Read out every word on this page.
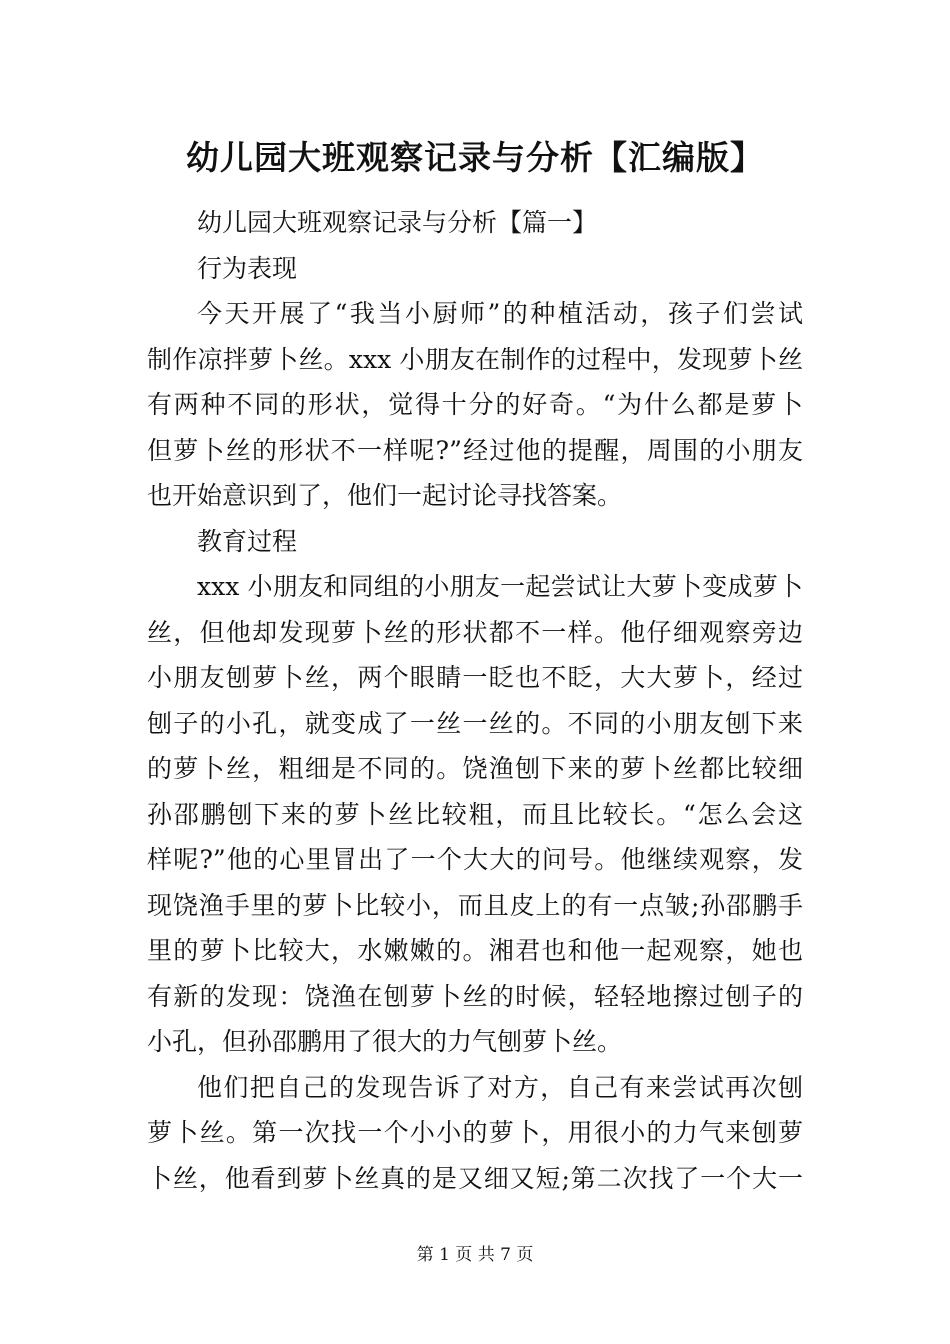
幼儿园大班观察记录与分析【汇编版】
幼儿园大班观察记录与分析【篇一】
行为表现
今天开展了“我当小厨师”的种植活动，孩子们尝试
制作凉拌萝卜丝。xxx 小朋友在制作的过程中，发现萝卜丝
有两种不同的形状，觉得十分的好奇。“为什么都是萝卜
但萝卜丝的形状不一样呢?”经过他的提醒，周围的小朋友
也开始意识到了，他们一起讨论寻找答案。
教育过程
xxx 小朋友和同组的小朋友一起尝试让大萝卜变成萝卜
丝，但他却发现萝卜丝的形状都不一样。他仔细观察旁边
小朋友刨萝卜丝，两个眼睛一眨也不眨，大大萝卜，经过
刨子的小孔，就变成了一丝一丝的。不同的小朋友刨下来
的萝卜丝，粗细是不同的。饶渔刨下来的萝卜丝都比较细
孙邵鹏刨下来的萝卜丝比较粗，而且比较长。“怎么会这
样呢?”他的心里冒出了一个大大的问号。他继续观察，发
现饶渔手里的萝卜比较小，而且皮上的有一点皱;孙邵鹏手
里的萝卜比较大，水嫩嫩的。湘君也和他一起观察，她也
有新的发现：饶渔在刨萝卜丝的时候，轻轻地擦过刨子的
小孔，但孙邵鹏用了很大的力气刨萝卜丝。
他们把自己的发现告诉了对方，自己有来尝试再次刨
萝卜丝。第一次找一个小小的萝卜，用很小的力气来刨萝
卜丝，他看到萝卜丝真的是又细又短;第二次找了一个大一
第 1 页 共 7 页
